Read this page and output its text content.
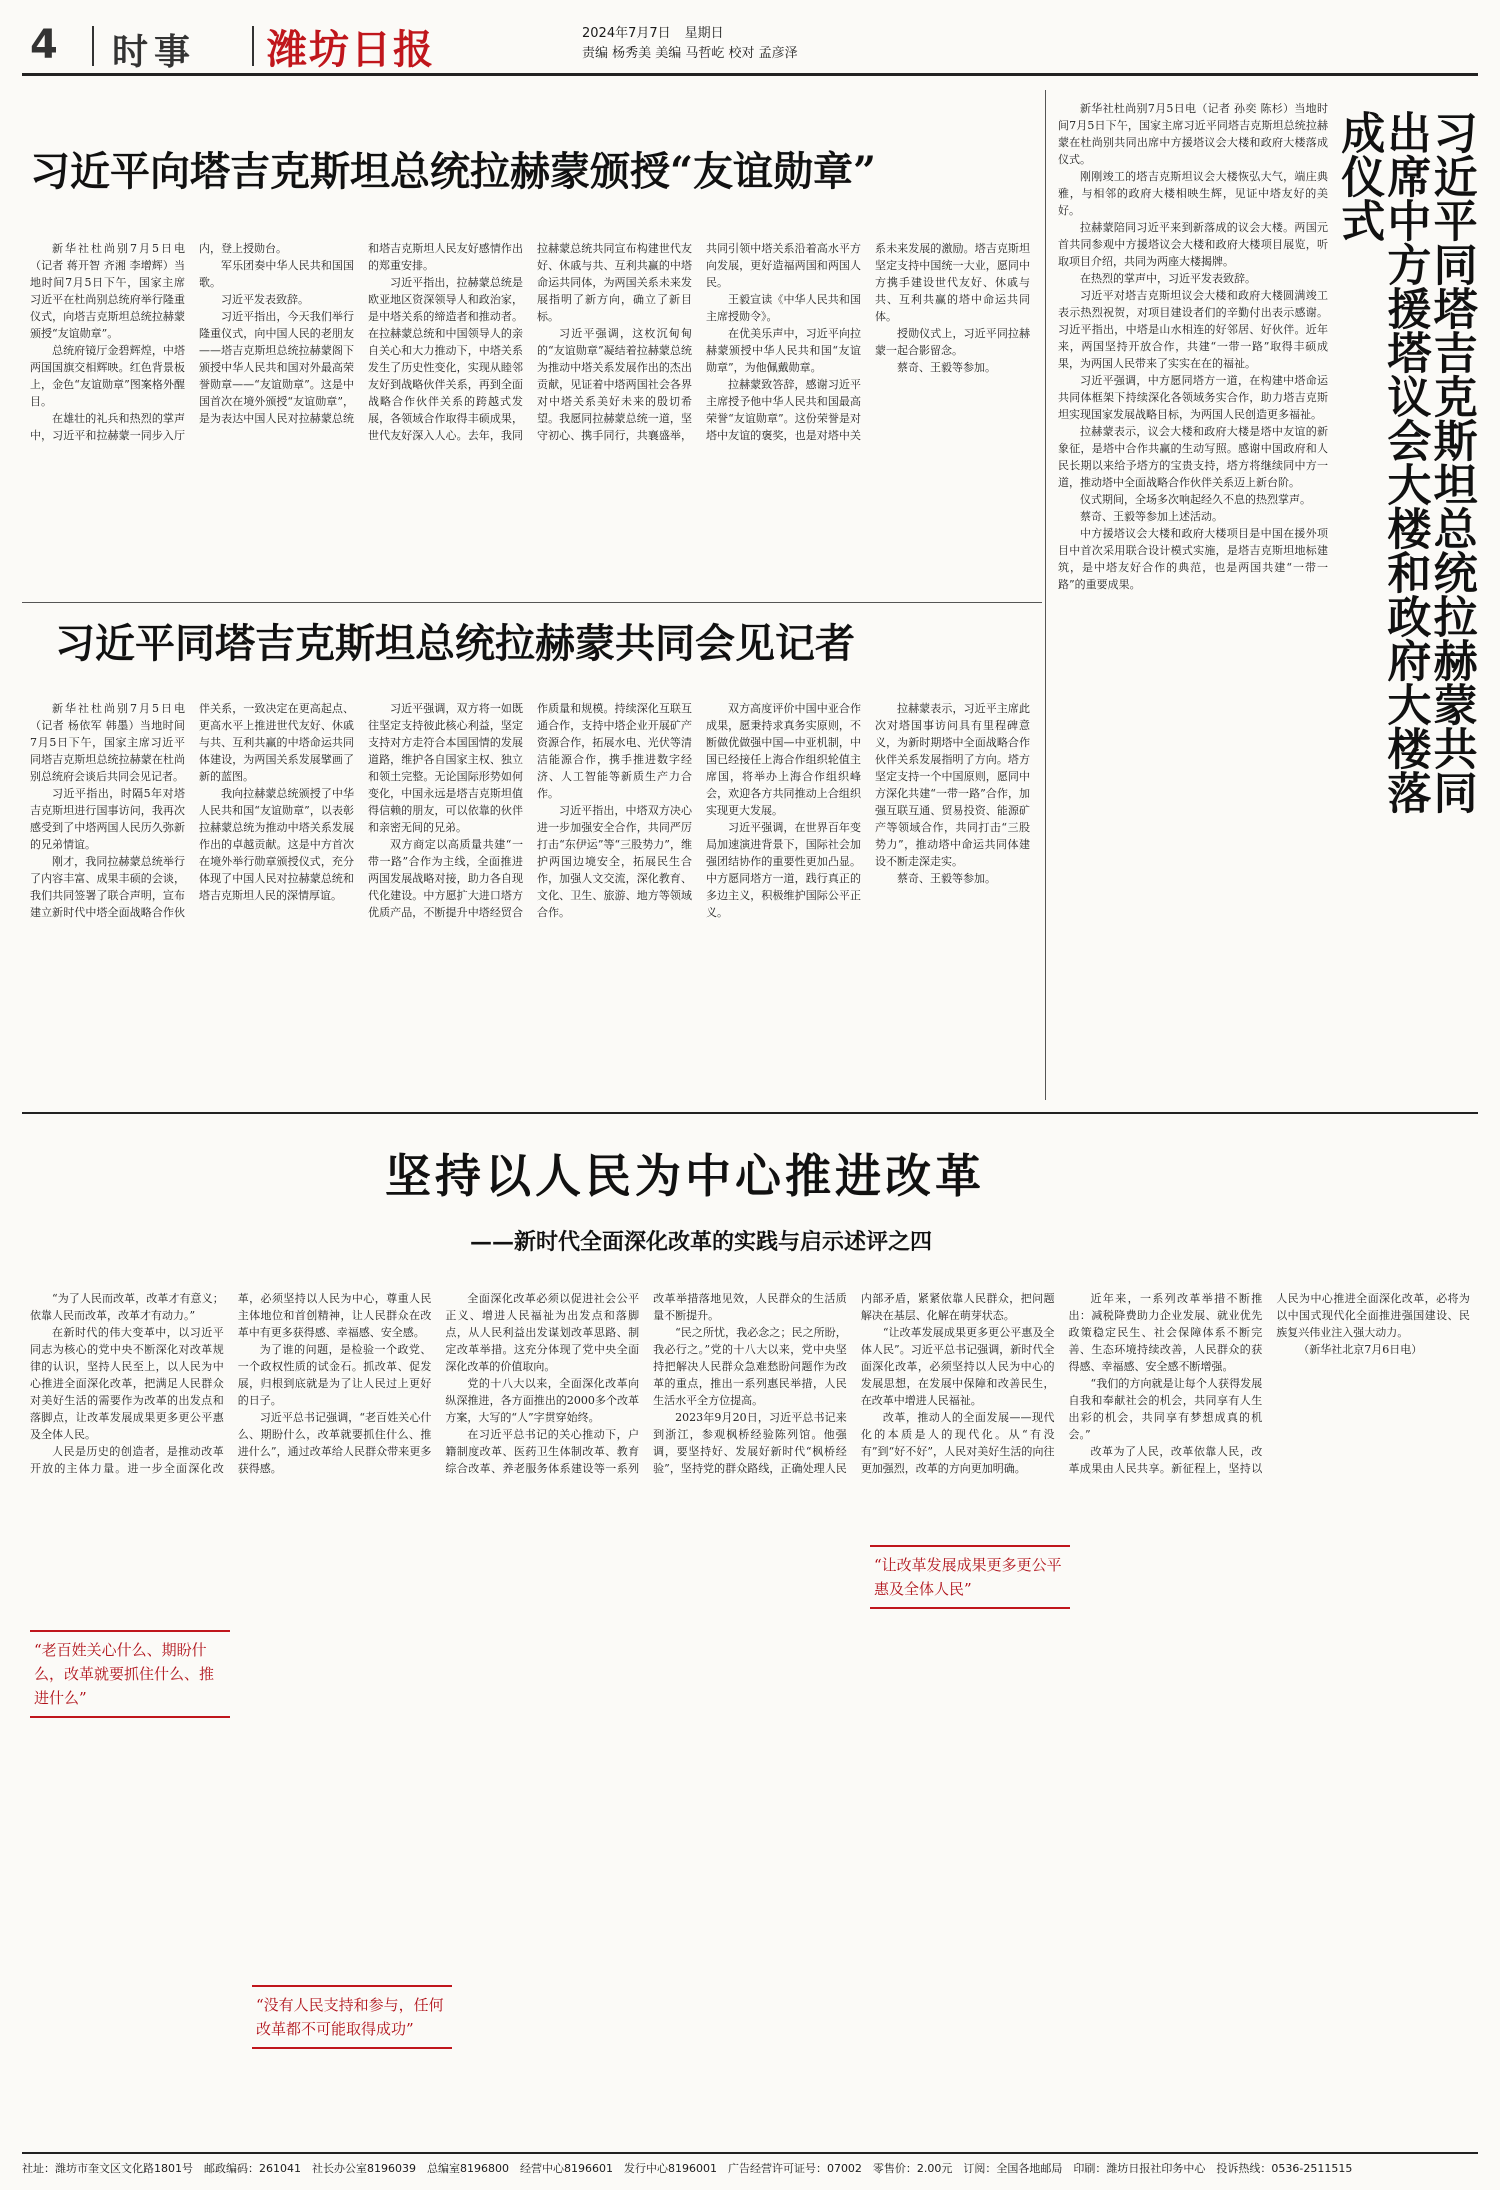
4 时事 潍坊日报	2024年7月7日 星期日
责编 杨秀美 美编 马哲屹 校对 孟彦泽
习近平向塔吉克斯坦总统拉赫蒙颁授“友谊勋章”

新华社杜尚别7月5日电（记者 蒋开智 齐湘 李增辉）当地时间7月5日下午，国家主席习近平在杜尚别总统府举行隆重仪式，向塔吉克斯坦总统拉赫蒙颁授“友谊勋章”。

总统府镜厅金碧辉煌，中塔两国国旗交相辉映。红色背景板上，金色“友谊勋章”图案格外醒目。

在雄壮的礼兵和热烈的掌声中，习近平和拉赫蒙一同步入厅内，登上授勋台。

军乐团奏中华人民共和国国歌。

习近平发表致辞。

习近平指出，今天我们举行隆重仪式，向中国人民的老朋友——塔吉克斯坦总统拉赫蒙阁下颁授中华人民共和国对外最高荣誉勋章——“友谊勋章”。这是中国首次在境外颁授“友谊勋章”，是为表达中国人民对拉赫蒙总统和塔吉克斯坦人民友好感情作出的郑重安排。

习近平指出，拉赫蒙总统是欧亚地区资深领导人和政治家，是中塔关系的缔造者和推动者。在拉赫蒙总统和中国领导人的亲自关心和大力推动下，中塔关系发生了历史性变化，实现从睦邻友好到战略伙伴关系，再到全面战略合作伙伴关系的跨越式发展，各领域合作取得丰硕成果，世代友好深入人心。去年，我同拉赫蒙总统共同宣布构建世代友好、休戚与共、互利共赢的中塔命运共同体，为两国关系未来发展指明了新方向，确立了新目标。

习近平强调，这枚沉甸甸的“友谊勋章”凝结着拉赫蒙总统为推动中塔关系发展作出的杰出贡献，见证着中塔两国社会各界对中塔关系美好未来的殷切希望。我愿同拉赫蒙总统一道，坚守初心、携手同行，共襄盛举，共同引领中塔关系沿着高水平方向发展，更好造福两国和两国人民。

王毅宣读《中华人民共和国主席授勋令》。

在优美乐声中，习近平向拉赫蒙颁授中华人民共和国“友谊勋章”，为他佩戴勋章。

拉赫蒙致答辞，感谢习近平主席授予他中华人民共和国最高荣誉“友谊勋章”。这份荣誉是对塔中友谊的褒奖，也是对塔中关系未来发展的激励。塔吉克斯坦坚定支持中国统一大业，愿同中方携手建设世代友好、休戚与共、互利共赢的塔中命运共同体。

授勋仪式上，习近平同拉赫蒙一起合影留念。

蔡奇、王毅等参加。

习近平同塔吉克斯坦总统拉赫蒙共同会见记者

新华社杜尚别7月5日电（记者 杨依军 韩墨）当地时间7月5日下午，国家主席习近平同塔吉克斯坦总统拉赫蒙在杜尚别总统府会谈后共同会见记者。

习近平指出，时隔5年对塔吉克斯坦进行国事访问，我再次感受到了中塔两国人民历久弥新的兄弟情谊。

刚才，我同拉赫蒙总统举行了内容丰富、成果丰硕的会谈，我们共同签署了联合声明，宣布建立新时代中塔全面战略合作伙伴关系，一致决定在更高起点、更高水平上推进世代友好、休戚与共、互利共赢的中塔命运共同体建设，为两国关系发展擘画了新的蓝图。

我向拉赫蒙总统颁授了中华人民共和国“友谊勋章”，以表彰拉赫蒙总统为推动中塔关系发展作出的卓越贡献。这是中方首次在境外举行勋章颁授仪式，充分体现了中国人民对拉赫蒙总统和塔吉克斯坦人民的深情厚谊。

习近平强调，双方将一如既往坚定支持彼此核心利益，坚定支持对方走符合本国国情的发展道路，维护各自国家主权、独立和领土完整。无论国际形势如何变化，中国永远是塔吉克斯坦值得信赖的朋友，可以依靠的伙伴和亲密无间的兄弟。

双方商定以高质量共建“一带一路”合作为主线，全面推进两国发展战略对接，助力各自现代化建设。中方愿扩大进口塔方优质产品，不断提升中塔经贸合作质量和规模。持续深化互联互通合作，支持中塔企业开展矿产资源合作，拓展水电、光伏等清洁能源合作，携手推进数字经济、人工智能等新质生产力合作。

习近平指出，中塔双方决心进一步加强安全合作，共同严厉打击“东伊运”等“三股势力”，维护两国边境安全，拓展民生合作，加强人文交流，深化教育、文化、卫生、旅游、地方等领域合作。

双方高度评价中国中亚合作成果，愿秉持求真务实原则，不断做优做强中国—中亚机制，中国已经接任上海合作组织轮值主席国，将举办上海合作组织峰会，欢迎各方共同推动上合组织实现更大发展。

习近平强调，在世界百年变局加速演进背景下，国际社会加强团结协作的重要性更加凸显。中方愿同塔方一道，践行真正的多边主义，积极维护国际公平正义。

拉赫蒙表示，习近平主席此次对塔国事访问具有里程碑意义，为新时期塔中全面战略合作伙伴关系发展指明了方向。塔方坚定支持一个中国原则，愿同中方深化共建“一带一路”合作，加强互联互通、贸易投资、能源矿产等领域合作，共同打击“三股势力”，推动塔中命运共同体建设不断走深走实。

蔡奇、王毅等参加。

习近平同塔吉克斯坦总统拉赫蒙共同出席中方援塔议会大楼和政府大楼落成仪式

新华社杜尚别7月5日电（记者 孙奕 陈杉）当地时间7月5日下午，国家主席习近平同塔吉克斯坦总统拉赫蒙在杜尚别共同出席中方援塔议会大楼和政府大楼落成仪式。

刚刚竣工的塔吉克斯坦议会大楼恢弘大气，端庄典雅，与相邻的政府大楼相映生辉，见证中塔友好的美好。

拉赫蒙陪同习近平来到新落成的议会大楼。两国元首共同参观中方援塔议会大楼和政府大楼项目展览，听取项目介绍，共同为两座大楼揭牌。

在热烈的掌声中，习近平发表致辞。

习近平对塔吉克斯坦议会大楼和政府大楼圆满竣工表示热烈祝贺，对项目建设者们的辛勤付出表示感谢。习近平指出，中塔是山水相连的好邻居、好伙伴。近年来，两国坚持开放合作，共建“一带一路”取得丰硕成果，为两国人民带来了实实在在的福祉。

习近平强调，中方愿同塔方一道，在构建中塔命运共同体框架下持续深化各领域务实合作，助力塔吉克斯坦实现国家发展战略目标，为两国人民创造更多福祉。

拉赫蒙表示，议会大楼和政府大楼是塔中友谊的新象征，是塔中合作共赢的生动写照。感谢中国政府和人民长期以来给予塔方的宝贵支持，塔方将继续同中方一道，推动塔中全面战略合作伙伴关系迈上新台阶。

仪式期间，全场多次响起经久不息的热烈掌声。

蔡奇、王毅等参加上述活动。

中方援塔议会大楼和政府大楼项目是中国在援外项目中首次采用联合设计模式实施，是塔吉克斯坦地标建筑，是中塔友好合作的典范，也是两国共建“一带一路”的重要成果。

坚持以人民为中心推进改革
——新时代全面深化改革的实践与启示述评之四

“为了人民而改革，改革才有意义；依靠人民而改革，改革才有动力。”

在新时代的伟大变革中，以习近平同志为核心的党中央不断深化对改革规律的认识，坚持人民至上，以人民为中心推进全面深化改革，把满足人民群众对美好生活的需要作为改革的出发点和落脚点，让改革发展成果更多更公平惠及全体人民。

人民是历史的创造者，是推动改革开放的主体力量。进一步全面深化改革，必须坚持以人民为中心，尊重人民主体地位和首创精神，让人民群众在改革中有更多获得感、幸福感、安全感。

为了谁的问题，是检验一个政党、一个政权性质的试金石。抓改革、促发展，归根到底就是为了让人民过上更好的日子。

习近平总书记强调，“老百姓关心什么、期盼什么，改革就要抓住什么、推进什么”，通过改革给人民群众带来更多获得感。

全面深化改革必须以促进社会公平正义、增进人民福祉为出发点和落脚点，从人民利益出发谋划改革思路、制定改革举措。这充分体现了党中央全面深化改革的价值取向。

党的十八大以来，全面深化改革向纵深推进，各方面推出的2000多个改革方案，大写的“人”字贯穿始终。

在习近平总书记的关心推动下，户籍制度改革、医药卫生体制改革、教育综合改革、养老服务体系建设等一系列改革举措落地见效，人民群众的生活质量不断提升。

“民之所忧，我必念之；民之所盼，我必行之。”党的十八大以来，党中央坚持把解决人民群众急难愁盼问题作为改革的重点，推出一系列惠民举措，人民生活水平全方位提高。

2023年9月20日，习近平总书记来到浙江，参观枫桥经验陈列馆。他强调，要坚持好、发展好新时代“枫桥经验”，坚持党的群众路线，正确处理人民内部矛盾，紧紧依靠人民群众，把问题解决在基层、化解在萌芽状态。

“让改革发展成果更多更公平惠及全体人民”。习近平总书记强调，新时代全面深化改革，必须坚持以人民为中心的发展思想，在发展中保障和改善民生，在改革中增进人民福祉。

改革，推动人的全面发展——现代化的本质是人的现代化。从“有没有”到“好不好”，人民对美好生活的向往更加强烈，改革的方向更加明确。

近年来，一系列改革举措不断推出：减税降费助力企业发展、就业优先政策稳定民生、社会保障体系不断完善、生态环境持续改善，人民群众的获得感、幸福感、安全感不断增强。

“我们的方向就是让每个人获得发展自我和奉献社会的机会，共同享有人生出彩的机会，共同享有梦想成真的机会。”

改革为了人民，改革依靠人民，改革成果由人民共享。新征程上，坚持以人民为中心推进全面深化改革，必将为以中国式现代化全面推进强国建设、民族复兴伟业注入强大动力。

（新华社北京7月6日电）

“老百姓关心什么、期盼什么，改革就要抓住什么、推进什么”
“没有人民支持和参与，任何改革都不可能取得成功”
“让改革发展成果更多更公平惠及全体人民”
社址：潍坊市奎文区文化路1801号　邮政编码：261041　社长办公室8196039　总编室8196800　经营中心8196601　发行中心8196001　广告经营许可证号：07002　零售价：2.00元　订阅：全国各地邮局　印刷：潍坊日报社印务中心　投诉热线：0536-2511515
